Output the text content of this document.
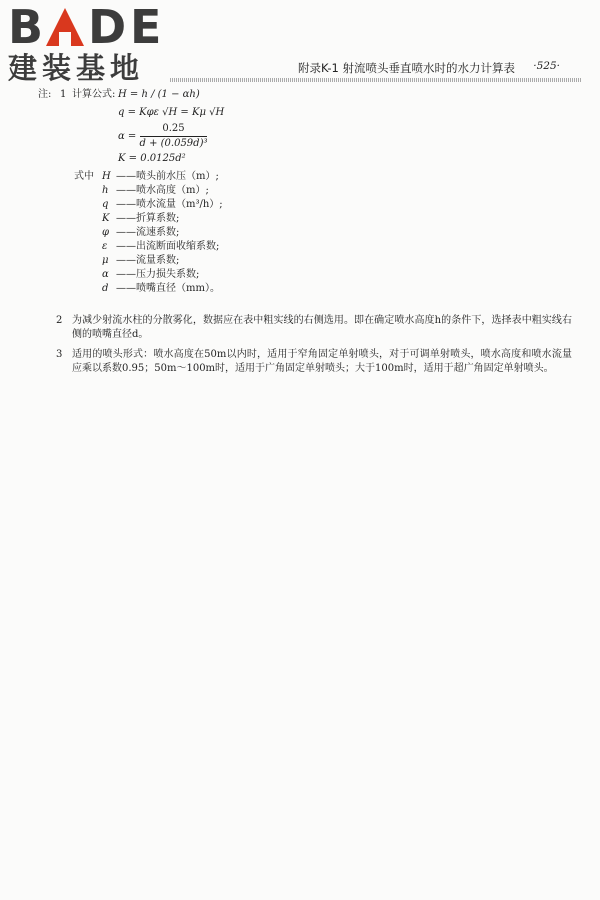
B D E
建装基地	附录K-1 射流喷头垂直喷水时的水力计算表 ·525·
注: 1 计算公式: H = h / (1 − αh)
q = Kφε √H = Kμ √H
$\alpha = \frac{0.25}{\text{d + (0.059d)³}}$
K = 0.0125d²
式中 H ——喷头前水压（m）;
h ——喷水高度（m）;
q ——喷水流量（m³/h）;
K ——折算系数;
φ ——流速系数;
ε ——出流断面收缩系数;
μ ——流量系数;
α ——压力损失系数;
d ——喷嘴直径（mm）。
2 为减少射流水柱的分散雾化，数据应在表中粗实线的右侧选用。即在确定喷水高度h的条件下，选择表中粗实线右侧的喷嘴直径d。
3 适用的喷头形式：喷水高度在50m以内时，适用于窄角固定单射喷头，对于可调单射喷头，喷水高度和喷水流量应乘以系数0.95；50m～100m时，适用于广角固定单射喷头；大于100m时，适用于超广角固定单射喷头。
